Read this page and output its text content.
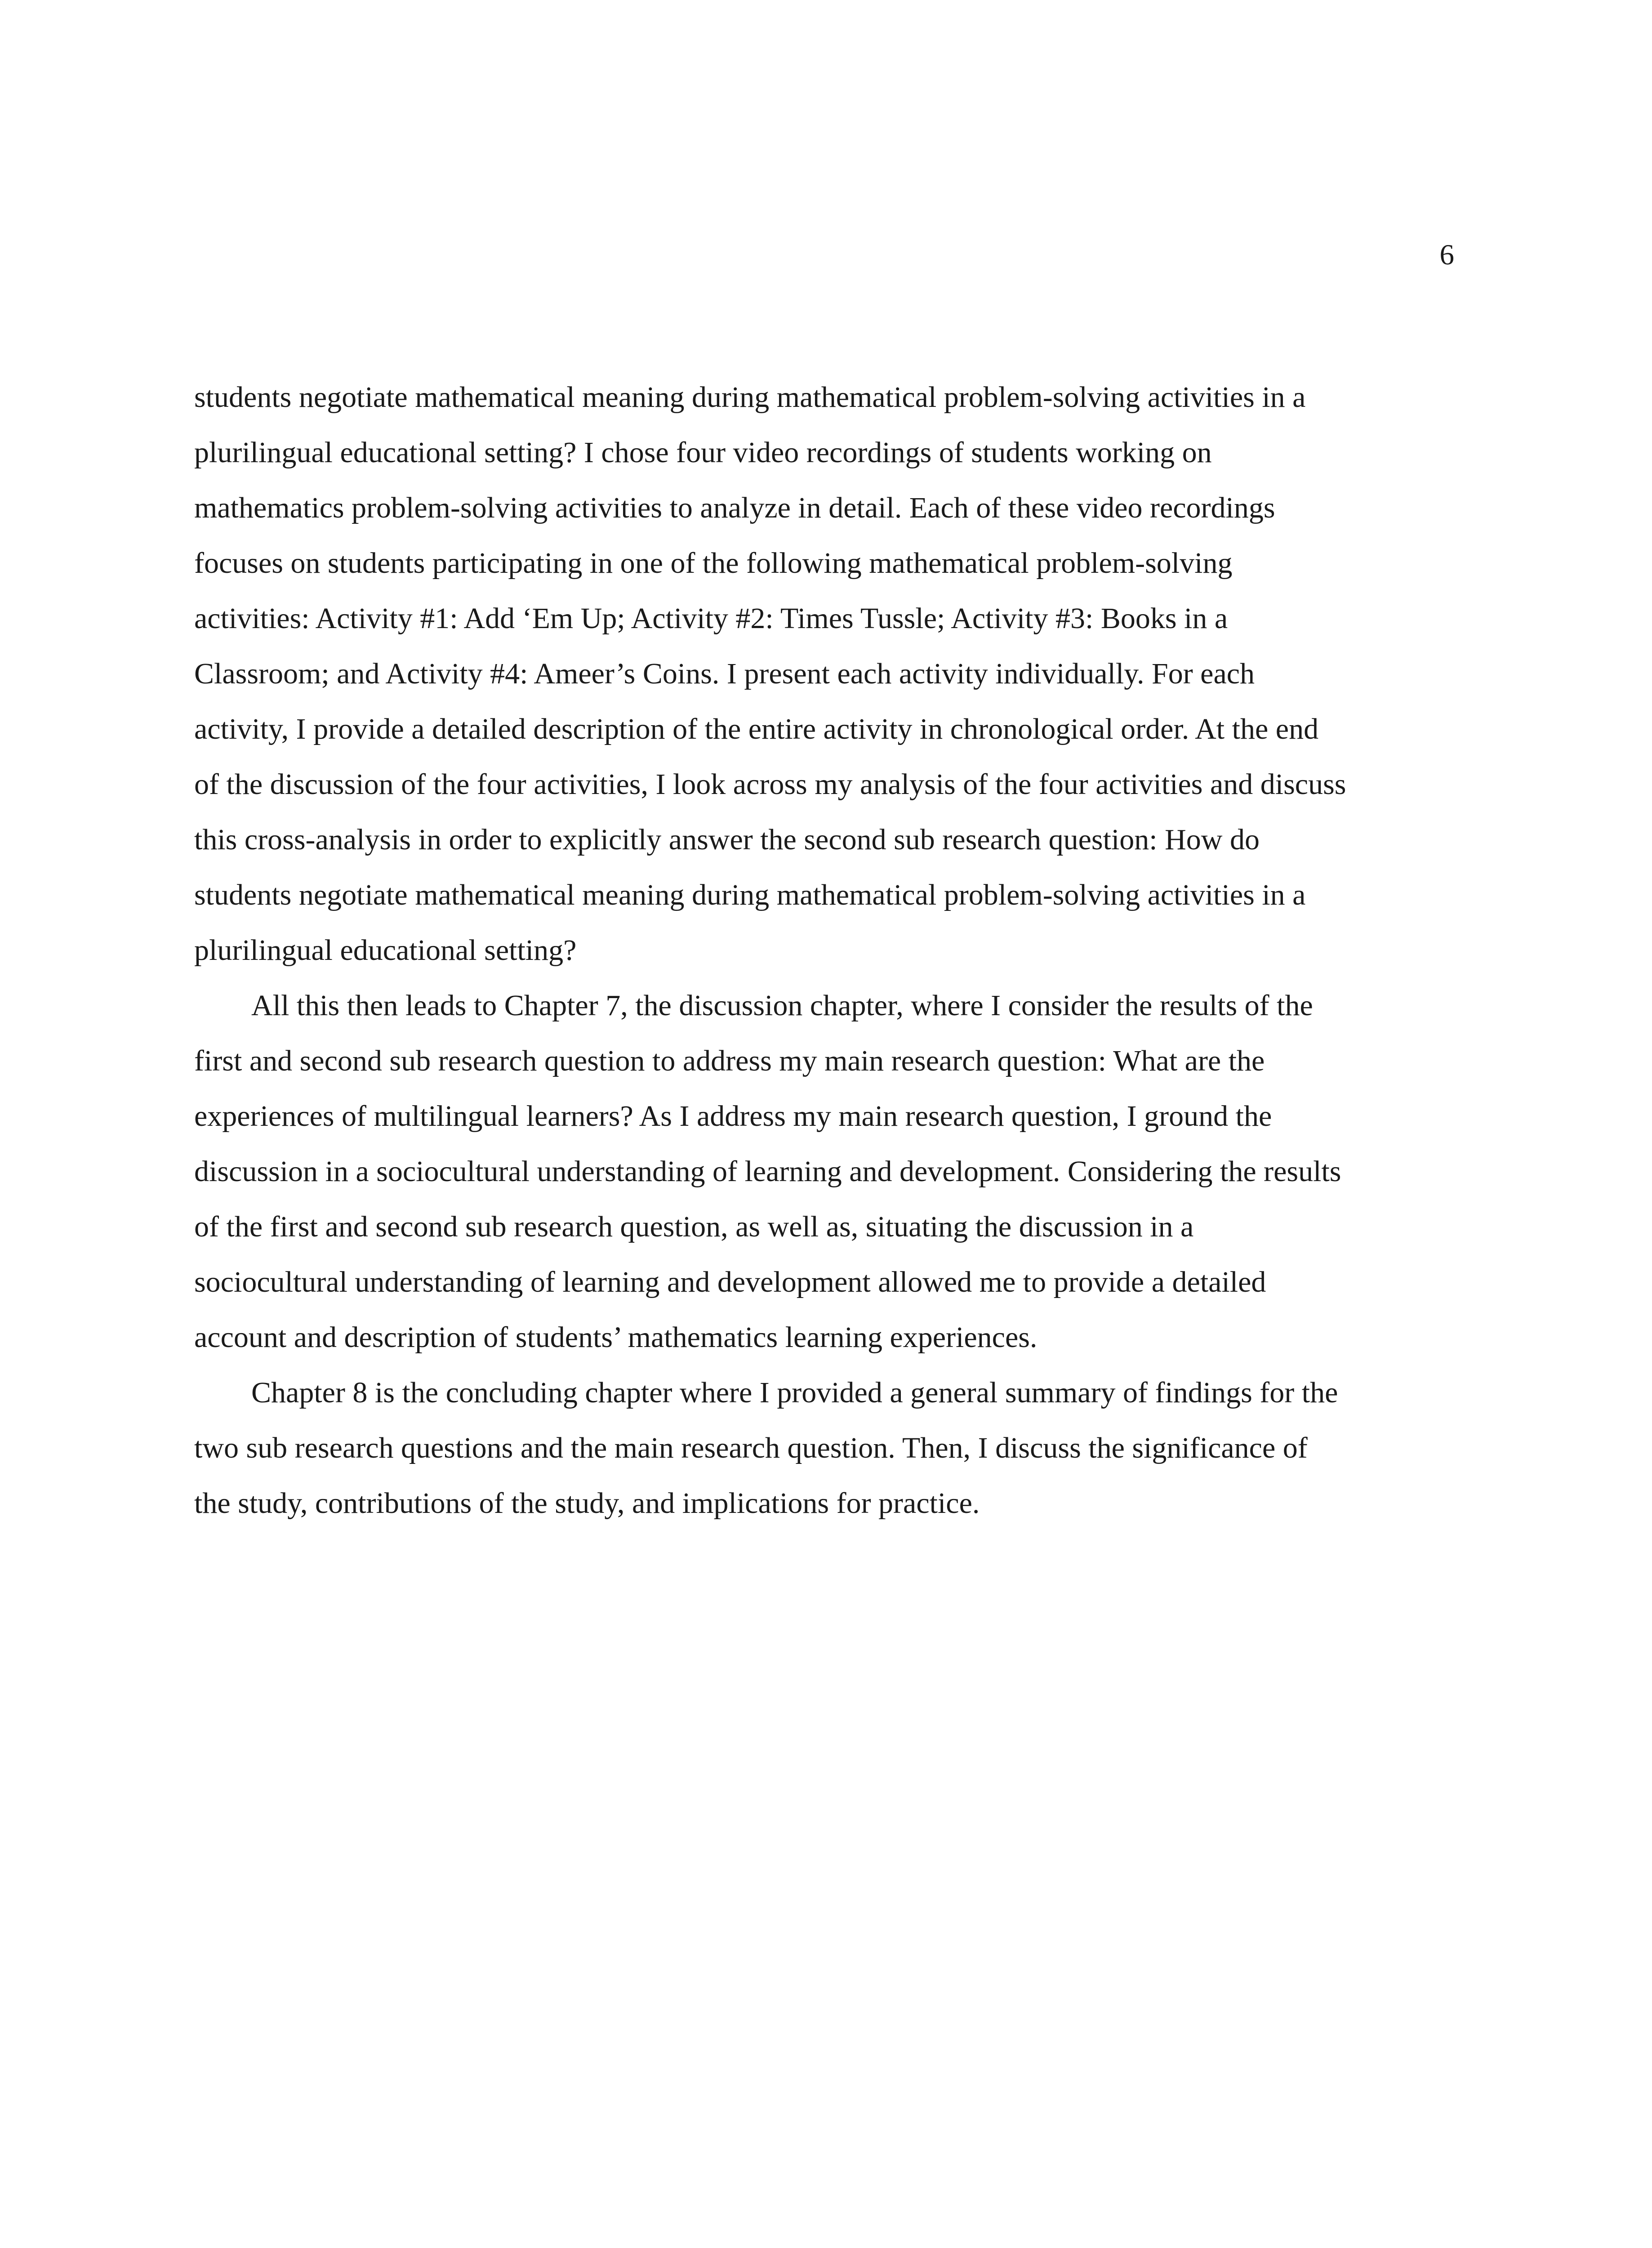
6
students negotiate mathematical meaning during mathematical problem-solving activities in a
plurilingual educational setting? I chose four video recordings of students working on
mathematics problem-solving activities to analyze in detail. Each of these video recordings
focuses on students participating in one of the following mathematical problem-solving
activities: Activity #1: Add ‘Em Up; Activity #2: Times Tussle; Activity #3: Books in a
Classroom; and Activity #4: Ameer’s Coins. I present each activity individually. For each
activity, I provide a detailed description of the entire activity in chronological order. At the end
of the discussion of the four activities, I look across my analysis of the four activities and discuss
this cross-analysis in order to explicitly answer the second sub research question: How do
students negotiate mathematical meaning during mathematical problem-solving activities in a
plurilingual educational setting?
All this then leads to Chapter 7, the discussion chapter, where I consider the results of the
first and second sub research question to address my main research question: What are the
experiences of multilingual learners? As I address my main research question, I ground the
discussion in a sociocultural understanding of learning and development. Considering the results
of the first and second sub research question, as well as, situating the discussion in a
sociocultural understanding of learning and development allowed me to provide a detailed
account and description of students’ mathematics learning experiences.
Chapter 8 is the concluding chapter where I provided a general summary of findings for the
two sub research questions and the main research question. Then, I discuss the significance of
the study, contributions of the study, and implications for practice.
